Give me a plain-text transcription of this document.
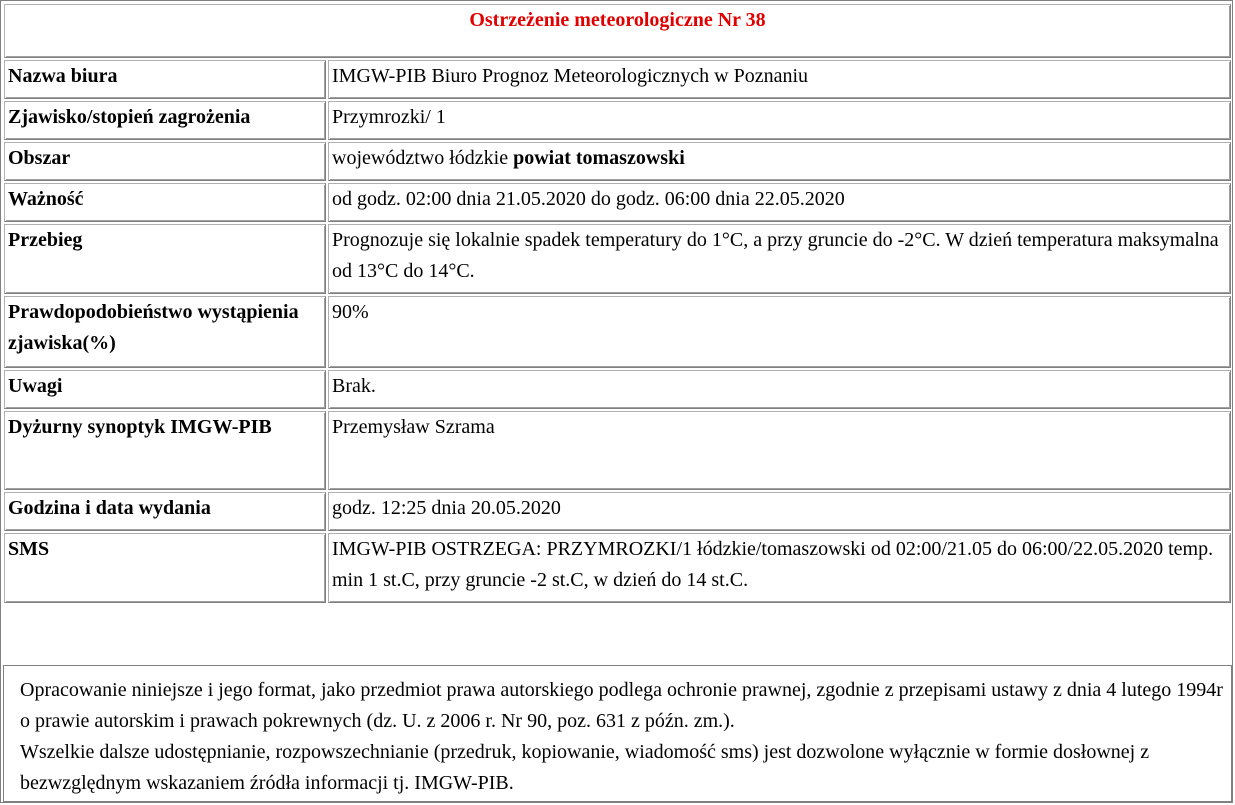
Ostrzeżenie meteorologiczne Nr 38	
Nazwa biura	IMGW-PIB Biuro Prognoz Meteorologicznych w Poznaniu
Zjawisko/stopień zagrożenia	Przymrozki/ 1
Obszar	województwo łódzkie powiat tomaszowski
Ważność	od godz. 02:00 dnia 21.05.2020 do godz. 06:00 dnia 22.05.2020
Przebieg	Prognozuje się lokalnie spadek temperatury do 1°C, a przy gruncie do -2°C. W dzień temperatura maksymalna od 13°C do 14°C.
Prawdopodobieństwo wystąpienia zjawiska(%)	90%
Uwagi	Brak.
Dyżurny synoptyk IMGW-PIB	Przemysław Szrama
Godzina i data wydania	godz. 12:25 dnia 20.05.2020
SMS	IMGW-PIB OSTRZEGA: PRZYMROZKI/1 łódzkie/tomaszowski od 02:00/21.05 do 06:00/22.05.2020 temp. min 1 st.C, przy gruncie -2 st.C, w dzień do 14 st.C.

Opracowanie niniejsze i jego format, jako przedmiot prawa autorskiego podlega ochronie prawnej, zgodnie z przepisami ustawy z dnia 4 lutego 1994r o prawie autorskim i prawach pokrewnych (dz. U. z 2006 r. Nr 90, poz. 631 z późn. zm.).

Wszelkie dalsze udostępnianie, rozpowszechnianie (przedruk, kopiowanie, wiadomość sms) jest dozwolone wyłącznie w formie dosłownej z bezwzględnym wskazaniem źródła informacji tj. IMGW-PIB.
